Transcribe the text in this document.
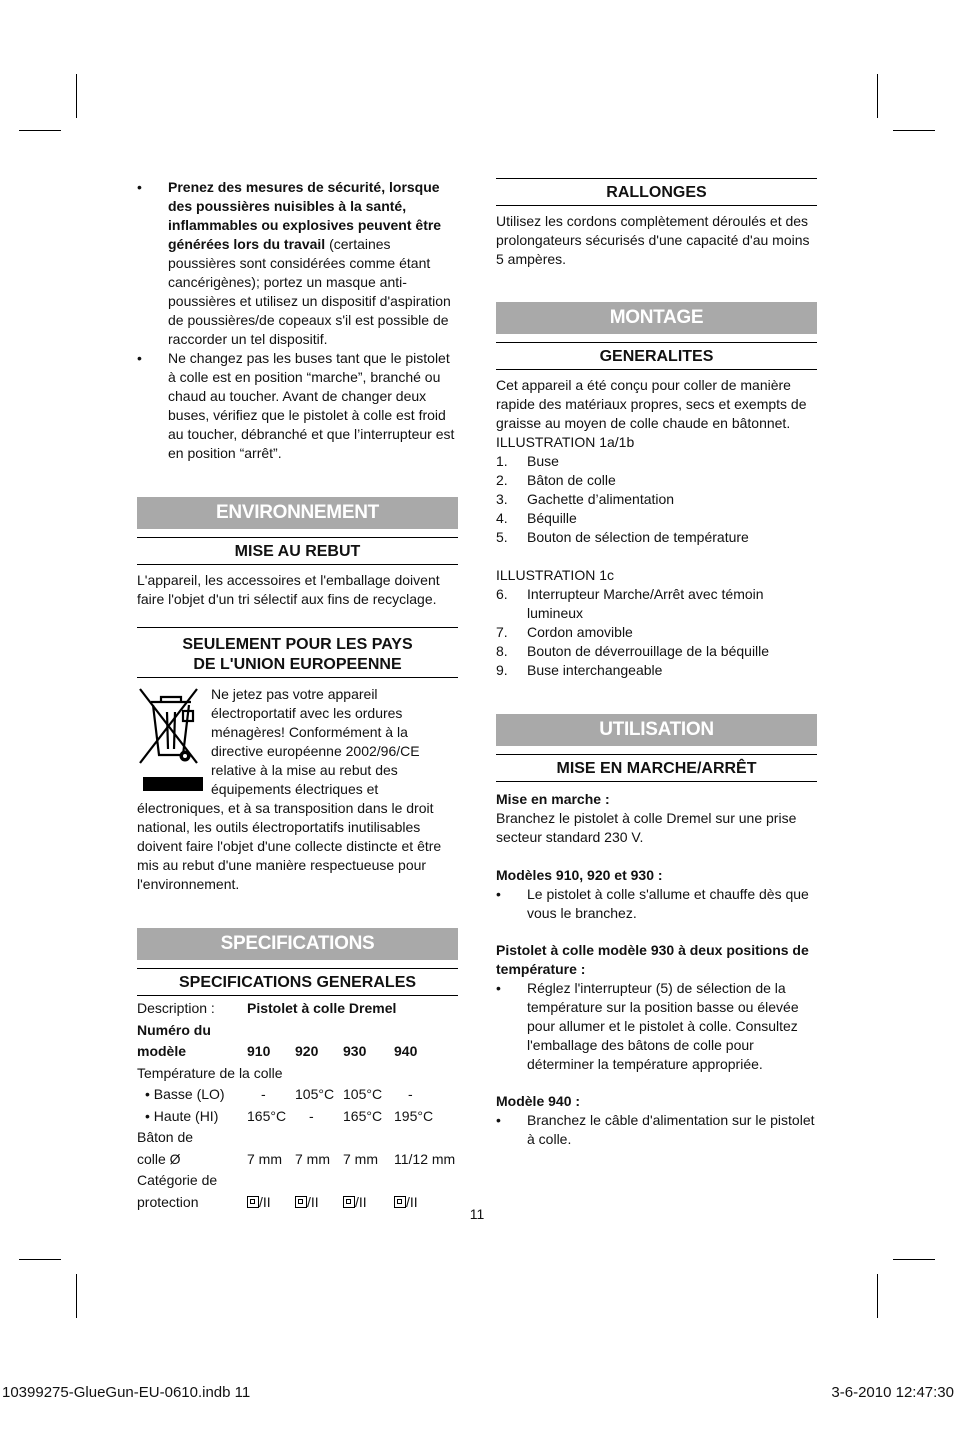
• Prenez des mesures de sécurité, lorsque des poussières nuisibles à la santé, inflammables ou explosives peuvent être générées lors du travail (certaines poussières sont considérées comme étant cancérigènes); portez un masque anti-poussières et utilisez un dispositif d'aspiration de poussières/de copeaux s'il est possible de raccorder un tel dispositif.
• Ne changez pas les buses tant que le pistolet à colle est en position “marche”, branché ou chaud au toucher. Avant de changer deux buses, vérifiez que le pistolet à colle est froid au toucher, débranché et que l’interrupteur est en position “arrêt”.
ENVIRONNEMENT
MISE AU REBUT

L'appareil, les accessoires et l'emballage doivent faire l'objet d'un tri sélectif aux fins de recyclage.

SEULEMENT POUR LES PAYS
DE L'UNION EUROPEENNE

Ne jetez pas votre appareil électroportatif avec les ordures ménagères! Conformément à la directive européenne 2002/96/CE relative à la mise au rebut des équipements électriques et électroniques, et à sa transposition dans le droit national, les outils électroportatifs inutilisables doivent faire l'objet d'une collecte distincte et être mis au rebut d'une manière respectueuse pour l'environnement.

SPECIFICATIONS
SPECIFICATIONS GENERALES
Description :	Pistolet à colle Dremel			
Numéro du				
modèle	910	920	930	940
Température de la colle				
• Basse (LO)	-	105°C	105°C	-
• Haute (HI)	165°C	-	165°C	195°C
Bâton de				
colle Ø	7 mm	7 mm	7 mm	11/12 mm
Catégorie de				
protection	/II	/II	/II	/II
RALLONGES

Utilisez les cordons complètement déroulés et des prolongateurs sécurisés d'une capacité d'au moins 5 ampères.

MONTAGE
GENERALITES

Cet appareil a été conçu pour coller de manière rapide des matériaux propres, secs et exempts de graisse au moyen de colle chaude en bâtonnet.

ILLUSTRATION 1a/1b

1. Buse
2. Bâton de colle
3. Gachette d’alimentation
4. Béquille
5. Bouton de sélection de température

ILLUSTRATION 1c

6. Interrupteur Marche/Arrêt avec témoin lumineux
7. Cordon amovible
8. Bouton de déverrouillage de la béquille
9. Buse interchangeable
UTILISATION
MISE EN MARCHE/ARRÊT

Mise en marche :

Branchez le pistolet à colle Dremel sur une prise secteur standard 230 V.

Modèles 910, 920 et 930 :

• Le pistolet à colle s'allume et chauffe dès que vous le branchez.

Pistolet à colle modèle 930 à deux positions de température :

• Réglez l'interrupteur (5) de sélection de la température sur la position basse ou élevée pour allumer et le pistolet à colle. Consultez l'emballage des bâtons de colle pour déterminer la température appropriée.

Modèle 940 :

• Branchez le câble d'alimentation sur le pistolet à colle.
11
10399275-GlueGun-EU-0610.indb 11	3-6-2010 12:47:30
